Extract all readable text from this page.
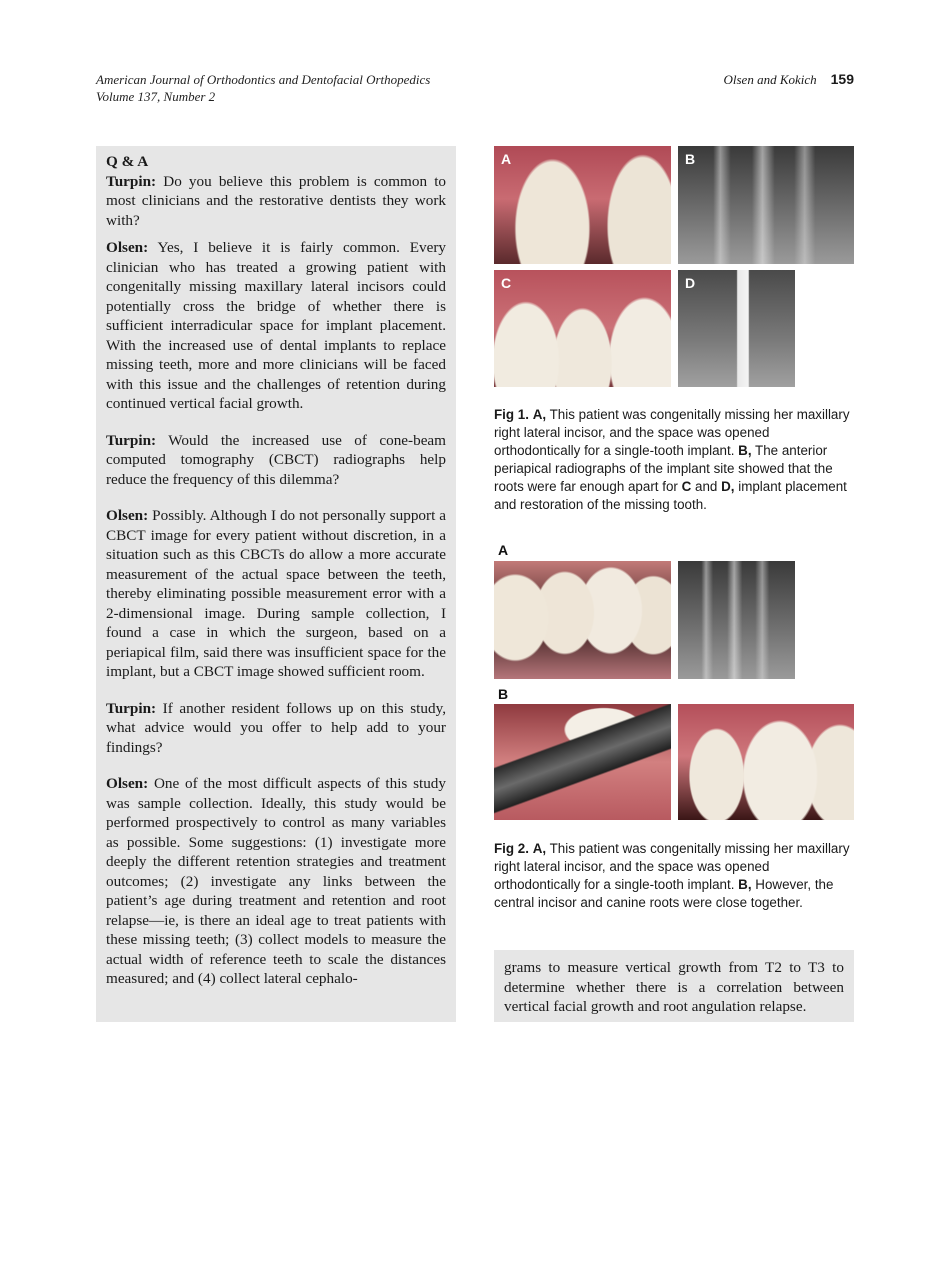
American Journal of Orthodontics and Dentofacial Orthopedics
Volume 137, Number 2
Olsen and Kokich 159
Q & A

Turpin: Do you believe this problem is common to most clinicians and the restorative dentists they work with?

Olsen: Yes, I believe it is fairly common. Every clinician who has treated a growing patient with congenitally missing maxillary lateral incisors could potentially cross the bridge of whether there is sufficient interradicular space for implant placement. With the increased use of dental implants to replace missing teeth, more and more clinicians will be faced with this issue and the challenges of retention during continued vertical facial growth.

Turpin: Would the increased use of cone-beam computed tomography (CBCT) radiographs help reduce the frequency of this dilemma?

Olsen: Possibly. Although I do not personally support a CBCT image for every patient without discretion, in a situation such as this CBCTs do allow a more accurate measurement of the actual space between the teeth, thereby eliminating possible measurement error with a 2-dimensional image. During sample collection, I found a case in which the surgeon, based on a periapical film, said there was insufficient space for the implant, but a CBCT image showed sufficient room.

Turpin: If another resident follows up on this study, what advice would you offer to help add to your findings?

Olsen: One of the most difficult aspects of this study was sample collection. Ideally, this study would be performed prospectively to control as many variables as possible. Some suggestions: (1) investigate more deeply the different retention strategies and treatment outcomes; (2) investigate any links between the patient’s age during treatment and retention and root relapse—ie, is there an ideal age to treat patients with these missing teeth; (3) collect models to measure the actual width of reference teeth to scale the distances measured; and (4) collect lateral cephalo-

A	B
C	D
Fig 1. A, This patient was congenitally missing her maxillary right lateral incisor, and the space was opened orthodontically for a single-tooth implant. B, The anterior periapical radiographs of the implant site showed that the roots were far enough apart for C and D, implant placement and restoration of the missing tooth.
A
B
Fig 2. A, This patient was congenitally missing her maxillary right lateral incisor, and the space was opened orthodontically for a single-tooth implant. B, However, the central incisor and canine roots were close together.

grams to measure vertical growth from T2 to T3 to determine whether there is a correlation between vertical facial growth and root angulation relapse.
